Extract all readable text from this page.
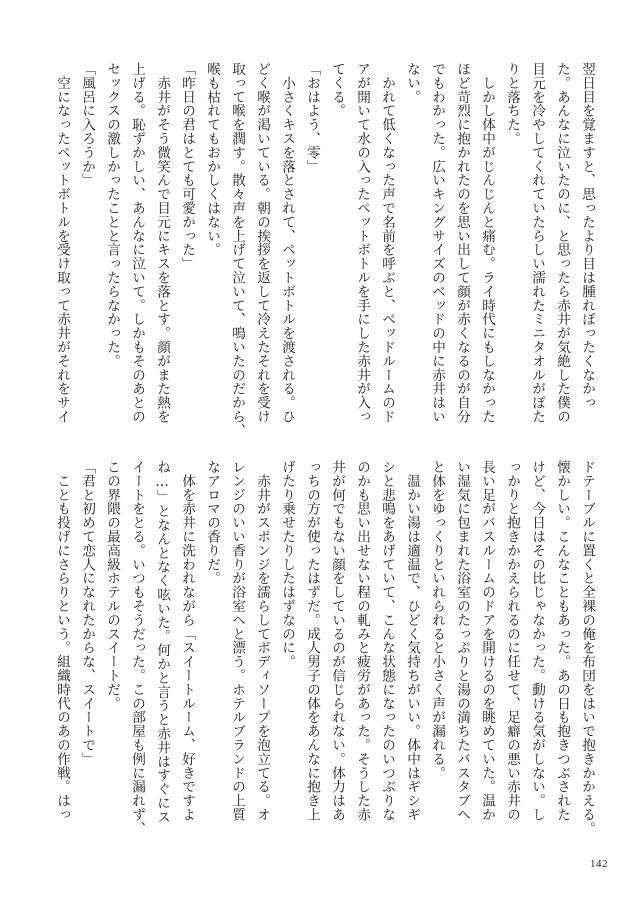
翌日目を覚ますと、思ったより目は腫れぼったくなかっ
た。あんなに泣いたのに、と思ったら赤井が気絶した僕の
目元を冷やしてくれていたらしい濡れたミニタオルがぽた
りと落ちた。
　しかし体中がじんじんと痛む。ライ時代にもしなかった
ほど苛烈に抱かれたのを思い出して顔が赤くなるのが自分
でもわかった。広いキングサイズのベッドの中に赤井はい
ない。
　かれて低くなった声で名前を呼ぶと、ベッドルームのド
アが開いて水の入ったペットボトルを手にした赤井が入っ
てくる。
「おはよう、零」
　小さくキスを落とされて、ペットボトルを渡される。ひ
どく喉が渇いている。朝の挨拶を返して冷えたそれを受け
取って喉を潤す。散々声を上げて泣いて、鳴いたのだから、
喉も枯れてもおかしくはない。
「昨日の君はとても可愛かった」
　赤井がそう微笑んで目元にキスを落とす。顔がまた熱を
上げる。恥ずかしい、あんなに泣いて。しかもそのあとの
セックスの激しかったことと言ったらなかった。
「風呂に入ろうか」
　空になったペットボトルを受け取って赤井がそれをサイ
ドテーブルに置くと全裸の俺を布団をはいで抱きかかえる。
懐かしい。こんなこともあった。あの日も抱きつぶされた
けど、今日はその比じゃなかった。動ける気がしない。し
っかりと抱きかかえられるのに任せて、足癖の悪い赤井の
長い足がバスルームのドアを開けるのを眺めていた。温か
い湿気に包まれた浴室のたっぷりと湯の満ちたバスタブへ
と体をゆっくりといれられると小さく声が漏れる。
　温かい湯は適温で、ひどく気持ちがいい。体中はギシギ
シと悲鳴をあげていて、こんな状態になったのいつぶりな
のかも思い出せない程の軋みと疲労があった。そうした赤
井が何でもない顔をしているのが信じられない。体力はあ
っちの方が使ったはずだ。成人男子の体をあんなに抱き上
げたり乗せたりしたはずなのに。
　赤井がスポンジを濡らしてボディソープを泡立てる。オ
レンジのいい香りが浴室へと漂う。ホテルブランドの上質
なアロマの香りだ。
　体を赤井に洗われながら「スイートルーム、好きですよ
ね…」となんとなく呟いた。何かと言うと赤井はすぐにス
イートをとる。いつもそうだった。この部屋も例に漏れず、
この界隈の最高級ホテルのスイートだ。
「君と初めて恋人になれたからな、スイートで」
　ことも投げにさらりという。組織時代のあの作戦。はっ
142
